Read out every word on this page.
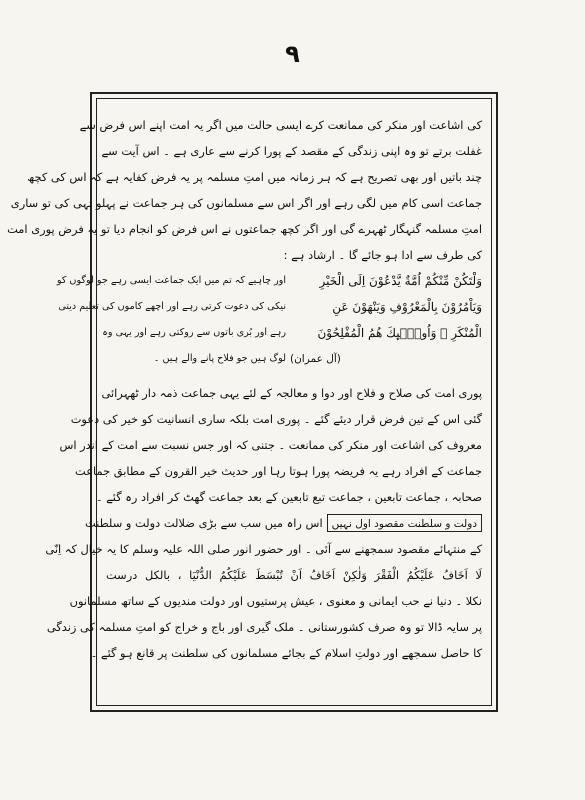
۹
کی اشاعت اور منکر کی ممانعت کرے ایسی حالت میں اگر یہ امت اپنے اس فرض سے
غفلت برتے تو وہ اپنی زندگی کے مقصد کے پورا کرنے سے عاری ہے ۔ اس آیت سے
چند باتیں اور بھی تصریح ہے کہ ہر زمانہ میں امتِ مسلمہ پر یہ فرض کفایہ ہے کہ اس کی کچھ
جماعت اسی کام میں لگی رہے اور اگر اس سے مسلمانوں کی ہر جماعت نے پہلو تہی کی تو ساری
امتِ مسلمہ گنہگار ٹھہرے گی اور اگر کچھ جماعتوں نے اس فرض کو انجام دیا تو یہ فرض پوری امت
کی طرف سے ادا ہو جائے گا ۔ ارشاد ہے :
وَلْتَكُنْ مِّنْكُمْ اُمَّةٌ يَّدْعُوْنَ اِلَى الْخَيْرِ
اور چاہیے کہ تم میں ایک جماعت ایسی رہے جو لوگوں کو
وَيَاْمُرُوْنَ بِالْمَعْرُوْفِ وَيَنْهَوْنَ عَنِ
نیکی کی دعوت کرتی رہے اور اچھے کاموں کی تعلیم دیتی
الْمُنْكَرِ ۭ وَاُولٰۗىِٕكَ ھُمُ الْمُفْلِحُوْنَ
رہے اور بُری باتوں سے روکتی رہے اور یہی وہ
(آل عمران)
لوگ ہیں جو فلاح پانے والے ہیں ۔
پوری امت کی صلاح و فلاح اور دوا و معالجہ کے لئے یہی جماعت ذمہ دار ٹھہرائی
گئی اس کے تین فرض قرار دیئے گئے ۔ پوری امت بلکہ ساری انسانیت کو خیر کی دعوت
معروف کی اشاعت اور منکر کی ممانعت ۔ جتنی کہ اور جس نسبت سے امت کے اندر اس
جماعت کے افراد رہے یہ فریضہ پورا ہوتا رہا اور حدیث خیر القرون کے مطابق جماعت
صحابہ ، جماعت تابعین ، جماعت تبع تابعین کے بعد جماعت گھٹ کر افراد رہ گئے ۔
دولت و سلطنت مقصود اول نہیں
اس راہ میں سب سے بڑی ضلالت دولت و سلطنت
کے منتہائے مقصود سمجھنے سے آئی ۔ اور حضور انور صلی اللہ علیہ وسلم کا یہ خیال کہ اِنّی
لَا اَخَافُ عَلَیْکُمُ الْفَقْرَ وَلٰکِنْ اَخَافُ اَنْ تُبْسَطَ عَلَیْکُمُ الدُّنْیَا ، بالکل درست
نکلا ۔ دنیا نے حب ایمانی و معنوی ، عیش پرستیوں اور دولت مندیوں کے ساتھ مسلمانوں
پر سایہ ڈالا تو وہ صرف کشورستانی ۔ ملک گیری اور باج و خراج کو امتِ مسلمہ کی زندگی
کا حاصل سمجھے اور دولتِ اسلام کے بجائے مسلمانوں کی سلطنت پر قانع ہو گئے ۔
